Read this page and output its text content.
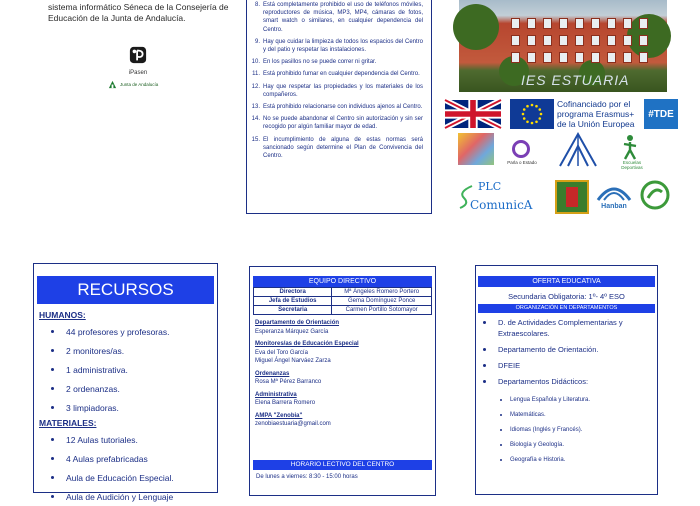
sistema informático Séneca de la Consejería de Educación de la Junta de Andalucía.
iPasen
Junta de Andalucía
8. Está completamente prohibido el uso de teléfonos móviles, reproductores de música, MP3, MP4, cámaras de fotos, smart watch o similares, en cualquier dependencia del Centro.
9. Hay que cuidar la limpieza de todos los espacios del Centro y del patio y respetar las instalaciones.
10. En los pasillos no se puede correr ni gritar.
11. Está prohibido fumar en cualquier dependencia del Centro.
12. Hay que respetar las propiedades y los materiales de los compañeros.
13. Está prohibido relacionarse con individuos ajenos al Centro.
14. No se puede abandonar el Centro sin autorización y sin ser recogido por algún familiar mayor de edad.
15. El incumplimiento de alguna de estas normas será sancionado según determine el Plan de Convivencia del Centro.
IES ESTUARIA
Cofinanciado por el programa Erasmus+ de la Unión Europea
#TDE
Parla o Estado	Escuelas Deportivas
PLC
ComunicA	Hanban
RECURSOS
HUMANOS:
44 profesores y profesoras.
2 monitores/as.
1 administrativa.
2 ordenanzas.
3 limpiadoras.
MATERIALES:
12 Aulas tutoriales.
4 Aulas prefabricadas
Aula de Educación Especial.
Aula de Audición y Lenguaje
EQUIPO DIRECTIVO
Directora	Mª Ángeles Romero Portero
Jefa de Estudios	Gema Domínguez Ponce
Secretaria	Carmen Portillo Sotomayor
Departamento de Orientación
Esperanza Márquez García
Monitores/as de Educación Especial
Eva del Toro García
Miguel Ángel Narváez Zarza
Ordenanzas
Rosa Mª Pérez Barranco
Administrativa
Elena Barrera Romero
AMPA "Zenobia"
zenobiaestuaria@gmail.com
HORARIO LECTIVO DEL CENTRO
De lunes a viernes: 8:30 - 15:00 horas
OFERTA EDUCATIVA
Secundaria Obligatoria: 1º- 4º ESO
ORGANIZACIÓN EN DEPARTAMENTOS
D. de Actividades Complementarias y Extraescolares.
Departamento de Orientación.
DFEIE
Departamentos Didácticos:
Lengua Española y Literatura.
Matemáticas.
Idiomas (Inglés y Francés).
Biología y Geología.
Geografía e Historia.
